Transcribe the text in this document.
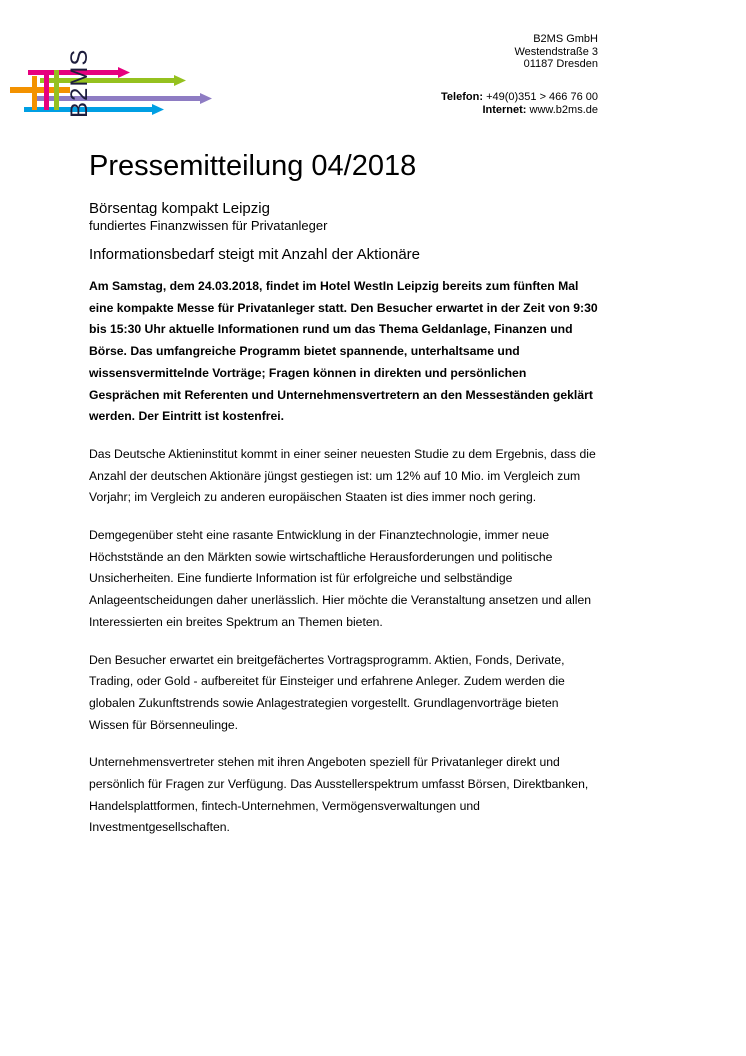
B2MS
B2MS GmbH
Westendstraße 3
01187 Dresden
Telefon: +49(0)351 > 466 76 00
Internet: www.b2ms.de
Pressemitteilung 04/2018
Börsentag kompakt Leipzig
fundiertes Finanzwissen für Privatanleger
Informationsbedarf steigt mit Anzahl der Aktionäre

Am Samstag, dem 24.03.2018, findet im Hotel WestIn Leipzig bereits zum fünften Mal eine kompakte Messe für Privatanleger statt. Den Besucher erwartet in der Zeit von 9:30 bis 15:30 Uhr aktuelle Informationen rund um das Thema Geldanlage, Finanzen und Börse. Das umfangreiche Programm bietet spannende, unterhaltsame und wissensvermittelnde Vorträge; Fragen können in direkten und persönlichen Gesprächen mit Referenten und Unternehmensvertretern an den Messeständen geklärt werden. Der Eintritt ist kostenfrei.

Das Deutsche Aktieninstitut kommt in einer seiner neuesten Studie zu dem Ergebnis, dass die Anzahl der deutschen Aktionäre jüngst gestiegen ist: um 12% auf 10 Mio. im Vergleich zum Vorjahr; im Vergleich zu anderen europäischen Staaten ist dies immer noch gering.

Demgegenüber steht eine rasante Entwicklung in der Finanztechnologie, immer neue Höchststände an den Märkten sowie wirtschaftliche Herausforderungen und politische Unsicherheiten. Eine fundierte Information ist für erfolgreiche und selbständige Anlageentscheidungen daher unerlässlich. Hier möchte die Veranstaltung ansetzen und allen Interessierten ein breites Spektrum an Themen bieten.

Den Besucher erwartet ein breitgefächertes Vortragsprogramm. Aktien, Fonds, Derivate, Trading, oder Gold - aufbereitet für Einsteiger und erfahrene Anleger. Zudem werden die globalen Zukunftstrends sowie Anlagestrategien vorgestellt. Grundlagenvorträge bieten Wissen für Börsenneulinge.

Unternehmensvertreter stehen mit ihren Angeboten speziell für Privatanleger direkt und persönlich für Fragen zur Verfügung. Das Ausstellerspektrum umfasst Börsen, Direktbanken, Handelsplattformen, fintech-Unternehmen, Vermögensverwaltungen und Investmentgesellschaften.
